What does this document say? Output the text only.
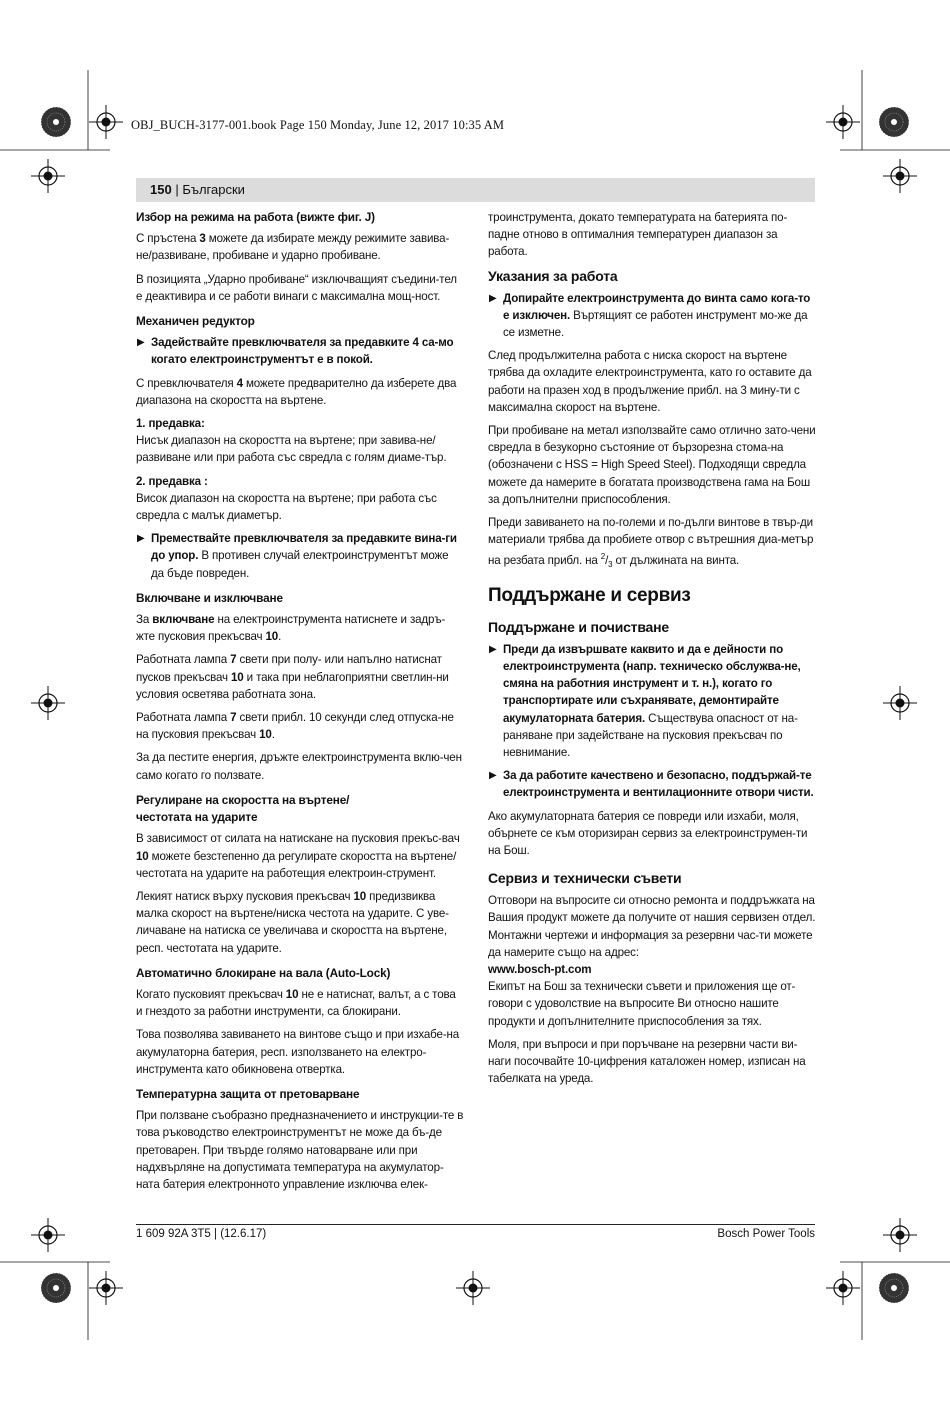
OBJ_BUCH-3177-001.book Page 150 Monday, June 12, 2017 10:35 AM
150 | Български
Избор на режима на работа (вижте фиг. J)

С пръстена 3 можете да избирате между режимите завива-не/развиване, пробиване и ударно пробиване.

В позицията „Ударно пробиване“ изключващият съедини-тел е деактивира и се работи винаги с максимална мощ-ност.

Механичен редуктор
▶ Задействайте превключвателя за предавките 4 са-мо когато електроинструментът е в покой.

С превключвателя 4 можете предварително да изберете два диапазона на скоростта на въртене.

1. предавка:

Нисък диапазон на скоростта на въртене; при завива-не/развиване или при работа със свредла с голям диаме-тър.

2. предавка :

Висок диапазон на скоростта на въртене; при работа със свредла с малък диаметър.

▶ Премествайте превключвателя за предавките вина-ги до упор. В противен случай електроинструментът може да бъде повреден.
Включване и изключване

За включване на електроинструмента натиснете и задръ-жте пусковия прекъсвач 10.

Работната лампа 7 свети при полу- или напълно натиснат пусков прекъсвач 10 и така при неблагоприятни светлин-ни условия осветява работната зона.

Работната лампа 7 свети прибл. 10 секунди след отпуска-не на пусковия прекъсвач 10.

За да пестите енергия, дръжте електроинструмента вклю-чен само когато го ползвате.

Регулиране на скоростта на въртене/
честотата на ударите

В зависимост от силата на натискане на пусковия прекъс-вач 10 можете безстепенно да регулирате скоростта на въртене/честотата на ударите на работещия електроин-струмент.

Лекият натиск върху пусковия прекъсвач 10 предизвиква малка скорост на въртене/ниска честота на ударите. С уве-личаване на натиска се увеличава и скоростта на въртене, респ. честотата на ударите.

Автоматично блокиране на вала (Auto-Lock)

Когато пусковият прекъсвач 10 не е натиснат, валът, а с това и гнездото за работни инструменти, са блокирани.

Това позволява завиването на винтове също и при изхабе-на акумулаторна батерия, респ. използването на електро-инструмента като обикновена отвертка.

Температурна защита от претоварване

При ползване съобразно предназначението и инструкции-те в това ръководство електроинструментът не може да бъ-де претоварен. При твърде голямо натоварване или при надхвърляне на допустимата температура на акумулатор-ната батерия електронното управление изключва елек-

троинструмента, докато температурата на батерията по-падне отново в оптималния температурен диапазон за работа.

Указания за работа
▶ Допирайте електроинструмента до винта само кога-то е изключен. Въртящият се работен инструмент мо-же да се изметне.

След продължителна работа с ниска скорост на въртене трябва да охладите електроинструмента, като го оставите да работи на празен ход в продължение прибл. на 3 мину-ти с максимална скорост на въртене.

При пробиване на метал използвайте само отлично зато-чени свредла в безукорно състояние от бързорезна стома-на (обозначени с HSS = High Speed Steel). Подходящи свредла можете да намерите в богатата производствена гама на Бош за допълнителни приспособления.

Преди завиването на по-големи и по-дълги винтове в твър-ди материали трябва да пробиете отвор с вътрешния диа-метър на резбата прибл. на $^2/_3$ от дължината на винта.

Поддържане и сервиз
Поддържане и почистване
▶ Преди да извършвате каквито и да е дейности по електроинструмента (напр. техническо обслужва-не, смяна на работния инструмент и т. н.), когато го транспортирате или съхранявате, демонтирайте акумулаторната батерия. Съществува опасност от на-раняване при задействане на пусковия прекъсвач по невнимание.
▶ За да работите качествено и безопасно, поддържай-те електроинструмента и вентилационните отвори чисти.

Ако акумулаторната батерия се повреди или изхаби, моля, обърнете се към оторизиран сервиз за електроинструмен-ти на Бош.

Сервиз и технически съвети

Отговори на въпросите си относно ремонта и поддръжката на Вашия продукт можете да получите от нашия сервизен отдел. Монтажни чертежи и информация за резервни час-ти можете да намерите също на адрес:

www.bosch-pt.com

Екипът на Бош за технически съвети и приложения ще от-говори с удоволствие на въпросите Ви относно нашите продукти и допълнителните приспособления за тях.

Моля, при въпроси и при поръчване на резервни части ви-наги посочвайте 10-цифрения каталожен номер, изписан на табелката на уреда.

1 609 92A 3T5 | (12.6.17)	Bosch Power Tools
